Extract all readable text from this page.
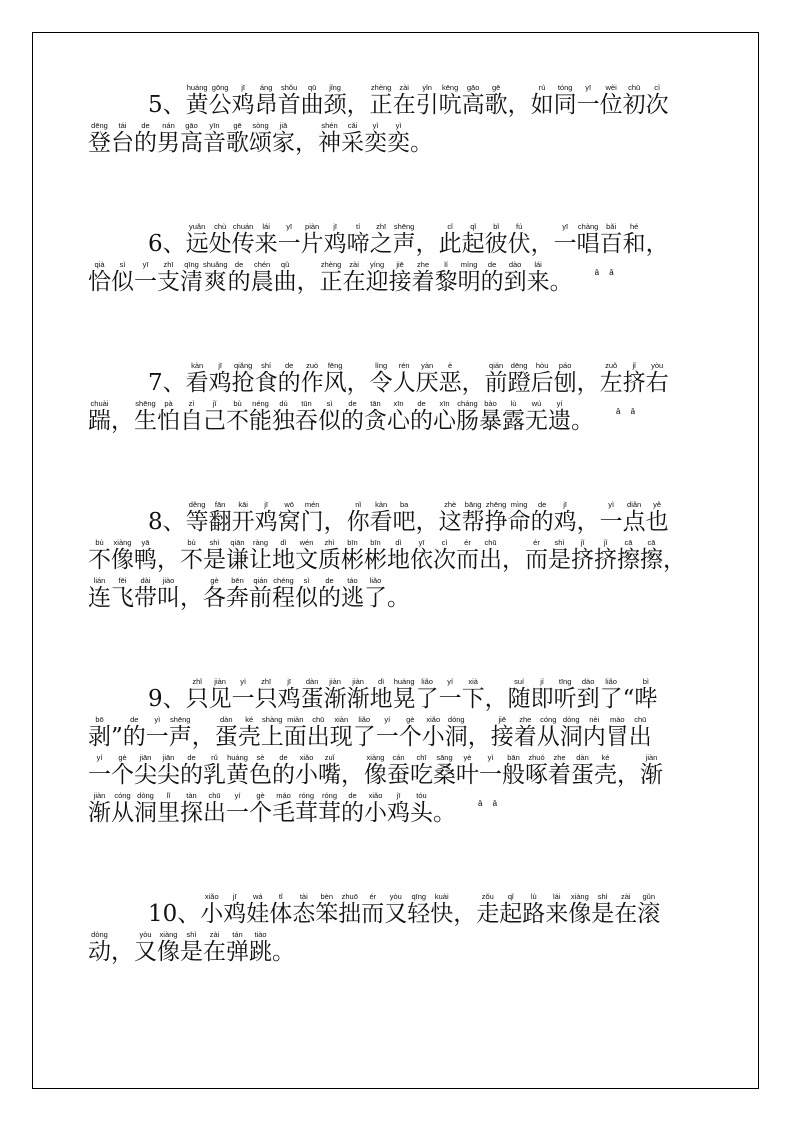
5、黄huáng公gōng鸡jī昂áng首shǒu曲qū颈jǐng，正zhèng在zài引yǐn吭kēng高gāo歌gē，如rú同tóng一yī位wèi初chū次cì
登dēng台tái的de男nán高gāo音yīn歌gē颂sòng家jiā，神shén采cǎi奕yì奕yì。
6、远yuǎn处chù传chuán来lái一yī片piàn鸡jī啼tí之zhī声shēng，此cǐ起qǐ彼bǐ伏fú，一yī唱chàng百bǎi和hé，
恰qià似sì一yī支zhī清qīng爽shuǎng的de晨chén曲qǔ，正zhèng在zài迎yíng接jiē着zhe黎lí明míng的de到dào来lái。	$^{ā ā}$
7、看kàn鸡jī抢qiǎng食shí的de作zuò风fēng，令lìng人rén厌yàn恶è，前qián蹬dēng后hòu刨páo，左zuǒ挤jǐ右yòu
踹chuài，生shēng怕pà自zì己jǐ不bù能néng独dú吞tūn似sì的de贪tān心xīn的de心xīn肠cháng暴bào露lù无wú遗yí。	$^{ā ā}$
8、等děng翻fān开kāi鸡jī窝wō门mén，你nǐ看kàn吧ba，这zhè帮bāng挣zhēng命mìng的de鸡jī，一yì点diǎn也yě
不bù像xiàng鸭yā，不bù是shì谦qiān让ràng地dì文wén质zhì彬bīn彬bīn地dì依yī次cì而ér出chū，而ér是shì挤jǐ挤jǐ擦cā擦cā，
连lián飞fēi带dài叫jiào，各gè奔bēn前qián程chéng似sì的de逃táo了liǎo。
9、只zhǐ见jiàn一yì只zhī鸡jī蛋dàn渐jiàn渐jiàn地dì晃huàng了liǎo一yí下xià，随suí即jí听tīng到dào了liǎo“哔bì
剥bō”的de一yì声shēng，蛋dàn壳ké上shàng面miàn出chū现xiàn了liǎo一yí个gè小xiǎo洞dòng，接jiē着zhe从cóng洞dòng内nèi冒mào出chū
一yí个gè尖jiān尖jiān的de乳rǔ黄huáng色sè的de小xiǎo嘴zuǐ，像xiàng蚕cán吃chī桑sāng叶yè一yì般bān啄zhuó着zhe蛋dàn壳ké，渐jiàn
渐jiàn从cóng洞dòng里lǐ探tàn出chū一yí个gè毛máo茸róng茸róng的de小xiǎo鸡jī头tóu。	$^{ā ā}$
10、小xiǎo鸡jī娃wá体tǐ态tài笨bèn拙zhuō而ér又yòu轻qīng快kuài，走zǒu起qǐ路lù来lái像xiàng是shì在zài滚gǔn
动dòng，又yòu像xiàng是shì在zài弹tán跳tiào。
